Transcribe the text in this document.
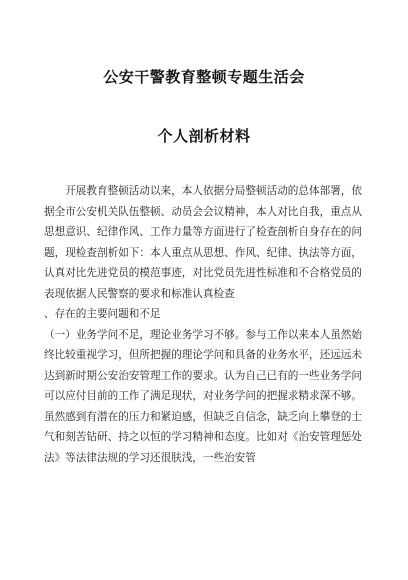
公安干警教育整顿专题生活会
个人剖析材料

开展教育整顿活动以来，本人依据分局整顿活动的总体部署，依据全市公安机关队伍整顿、动员会会议精神，本人对比自我，重点从思想意识、纪律作风、工作力量等方面进行了检查剖析自身存在的问题，现检查剖析如下：本人重点从思想、作风、纪律、执法等方面，认真对比先进党员的模范事迹，对比党员先进性标准和不合格党员的表现依据人民警察的要求和标准认真检查

、存在的主要问题和不足

（一）业务学问不足，理论业务学习不够。参与工作以来本人虽然始终比较重视学习，但所把握的理论学问和具备的业务水平，还远远未达到新时期公安治安管理工作的要求。认为自己已有的一些业务学问可以应付目前的工作了满足现状，对业务学问的把握求精求深不够。虽然感到有潜在的压力和紧迫感，但缺乏自信念，缺乏向上攀登的士气和刻苦钻研、持之以恒的学习精神和态度。比如对《治安管理惩处法》等法律法规的学习还很肤浅，一些治安管
